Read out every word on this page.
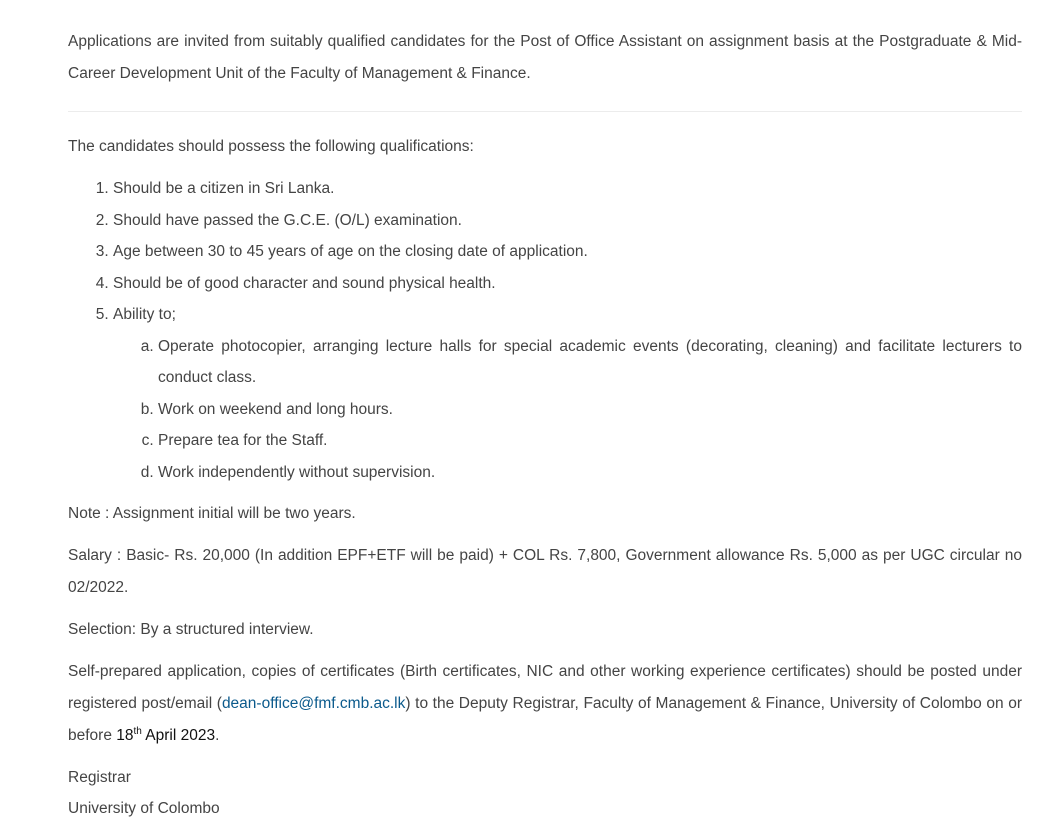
Applications are invited from suitably qualified candidates for the Post of Office Assistant on assignment basis at the Postgraduate & Mid-Career Development Unit of the Faculty of Management & Finance.

The candidates should possess the following qualifications:

1. Should be a citizen in Sri Lanka.
2. Should have passed the G.C.E. (O/L) examination.
3. Age between 30 to 45 years of age on the closing date of application.
4. Should be of good character and sound physical health.
5. Ability to;
a. Operate photocopier, arranging lecture halls for special academic events (decorating, cleaning) and facilitate lecturers to conduct class.
b. Work on weekend and long hours.
c. Prepare tea for the Staff.
d. Work independently without supervision.

Note : Assignment initial will be two years.

Salary : Basic- Rs. 20,000 (In addition EPF+ETF will be paid) + COL Rs. 7,800, Government allowance Rs. 5,000 as per UGC circular no 02/2022.

Selection: By a structured interview.

Self-prepared application, copies of certificates (Birth certificates, NIC and other working experience certificates) should be posted under registered post/email (dean-office@fmf.cmb.ac.lk) to the Deputy Registrar, Faculty of Management & Finance, University of Colombo on or before 18th April 2023.

Registrar
University of Colombo
